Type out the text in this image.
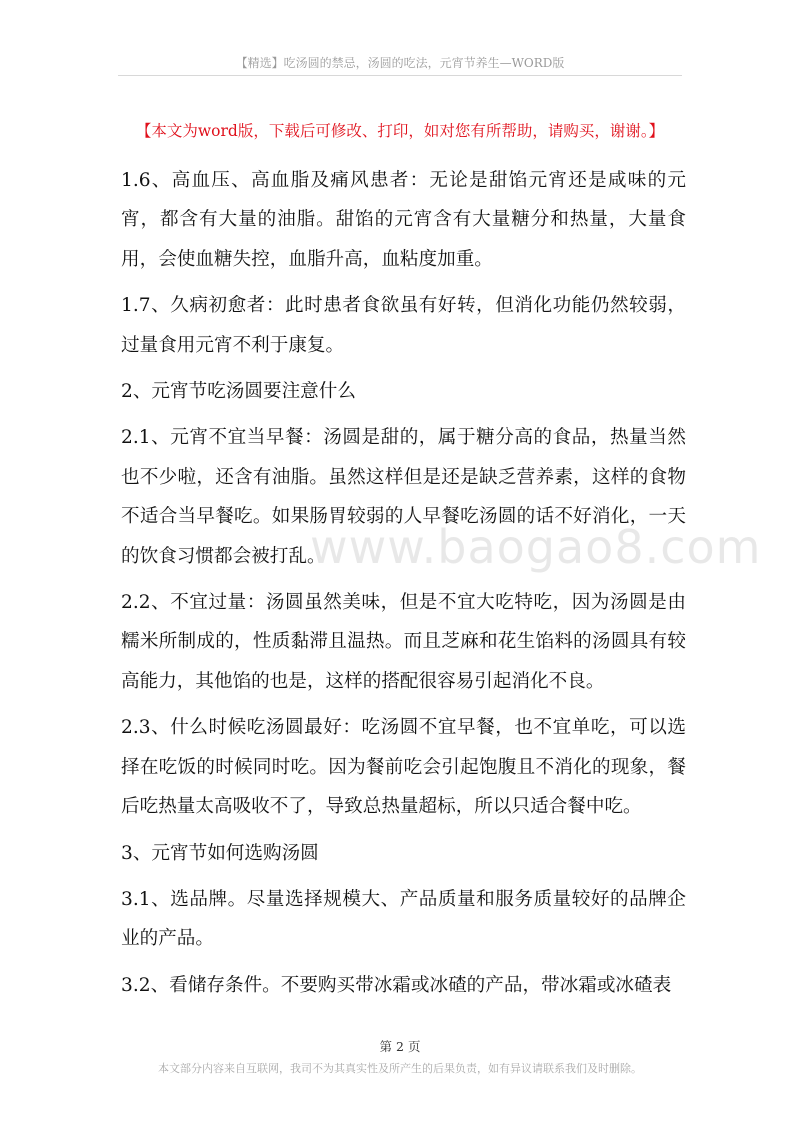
【精选】吃汤圆的禁忌，汤圆的吃法，元宵节养生—WORD版
【本文为word版，下载后可修改、打印，如对您有所帮助，请购买，谢谢。】

1.6、高血压、高血脂及痛风患者：无论是甜馅元宵还是咸味的元宵，都含有大量的油脂。甜馅的元宵含有大量糖分和热量，大量食用，会使血糖失控，血脂升高，血粘度加重。

1.7、久病初愈者：此时患者食欲虽有好转，但消化功能仍然较弱，过量食用元宵不利于康复。

2、元宵节吃汤圆要注意什么

2.1、元宵不宜当早餐：汤圆是甜的，属于糖分高的食品，热量当然也不少啦，还含有油脂。虽然这样但是还是缺乏营养素，这样的食物不适合当早餐吃。如果肠胃较弱的人早餐吃汤圆的话不好消化，一天的饮食习惯都会被打乱。

2.2、不宜过量：汤圆虽然美味，但是不宜大吃特吃，因为汤圆是由糯米所制成的，性质黏滞且温热。而且芝麻和花生馅料的汤圆具有较高能力，其他馅的也是，这样的搭配很容易引起消化不良。

2.3、什么时候吃汤圆最好：吃汤圆不宜早餐，也不宜单吃，可以选择在吃饭的时候同时吃。因为餐前吃会引起饱腹且不消化的现象，餐后吃热量太高吸收不了，导致总热量超标，所以只适合餐中吃。

3、元宵节如何选购汤圆

3.1、选品牌。尽量选择规模大、产品质量和服务质量较好的品牌企业的产品。

3.2、看储存条件。不要购买带冰霜或冰碴的产品，带冰霜或冰碴表

www.baogao8.com
第 2 页
本文部分内容来自互联网，我司不为其真实性及所产生的后果负责，如有异议请联系我们及时删除。
